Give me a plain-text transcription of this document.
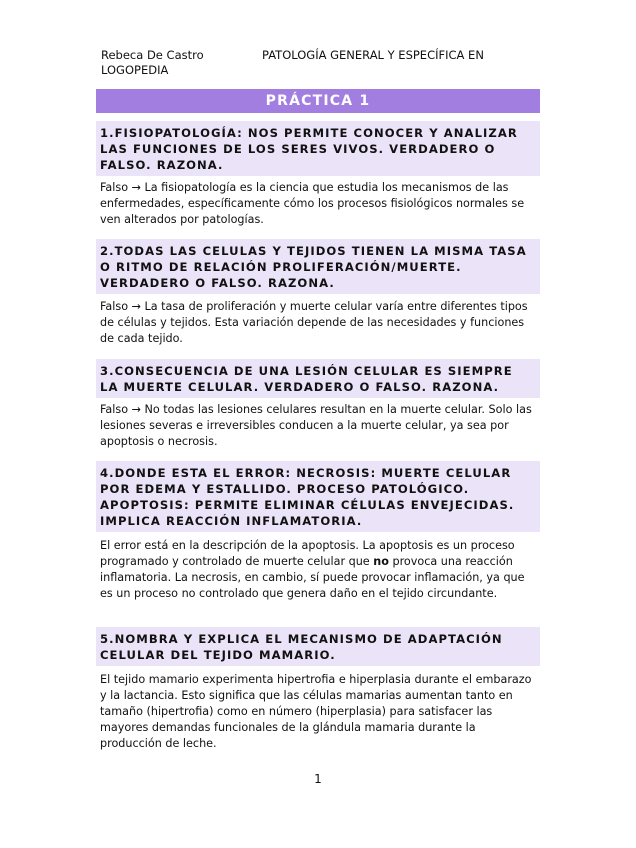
Rebeca De Castro	PATOLOGÍA GENERAL Y ESPECÍFICA EN
LOGOPEDIA
PRÁCTICA 1
1.FISIOPATOLOGÍA: NOS PERMITE CONOCER Y ANALIZAR LAS FUNCIONES DE LOS SERES VIVOS. VERDADERO O FALSO. RAZONA.
Falso → La fisiopatología es la ciencia que estudia los mecanismos de las enfermedades, específicamente cómo los procesos fisiológicos normales se ven alterados por patologías.
2.TODAS LAS CELULAS Y TEJIDOS TIENEN LA MISMA TASA O RITMO DE RELACIÓN PROLIFERACIÓN/MUERTE. VERDADERO O FALSO. RAZONA.
Falso → La tasa de proliferación y muerte celular varía entre diferentes tipos de células y tejidos. Esta variación depende de las necesidades y funciones de cada tejido.
3.CONSECUENCIA DE UNA LESIÓN CELULAR ES SIEMPRE LA MUERTE CELULAR. VERDADERO O FALSO. RAZONA.
Falso → No todas las lesiones celulares resultan en la muerte celular. Solo las lesiones severas e irreversibles conducen a la muerte celular, ya sea por apoptosis o necrosis.
4.DONDE ESTA EL ERROR: NECROSIS: MUERTE CELULAR POR EDEMA Y ESTALLIDO. PROCESO PATOLÓGICO. APOPTOSIS: PERMITE ELIMINAR CÉLULAS ENVEJECIDAS. IMPLICA REACCIÓN INFLAMATORIA.
El error está en la descripción de la apoptosis. La apoptosis es un proceso programado y controlado de muerte celular que no provoca una reacción inflamatoria. La necrosis, en cambio, sí puede provocar inflamación, ya que es un proceso no controlado que genera daño en el tejido circundante.
5.NOMBRA Y EXPLICA EL MECANISMO DE ADAPTACIÓN CELULAR DEL TEJIDO MAMARIO.
El tejido mamario experimenta hipertrofia e hiperplasia durante el embarazo y la lactancia. Esto significa que las células mamarias aumentan tanto en tamaño (hipertrofia) como en número (hiperplasia) para satisfacer las mayores demandas funcionales de la glándula mamaria durante la producción de leche.
1
